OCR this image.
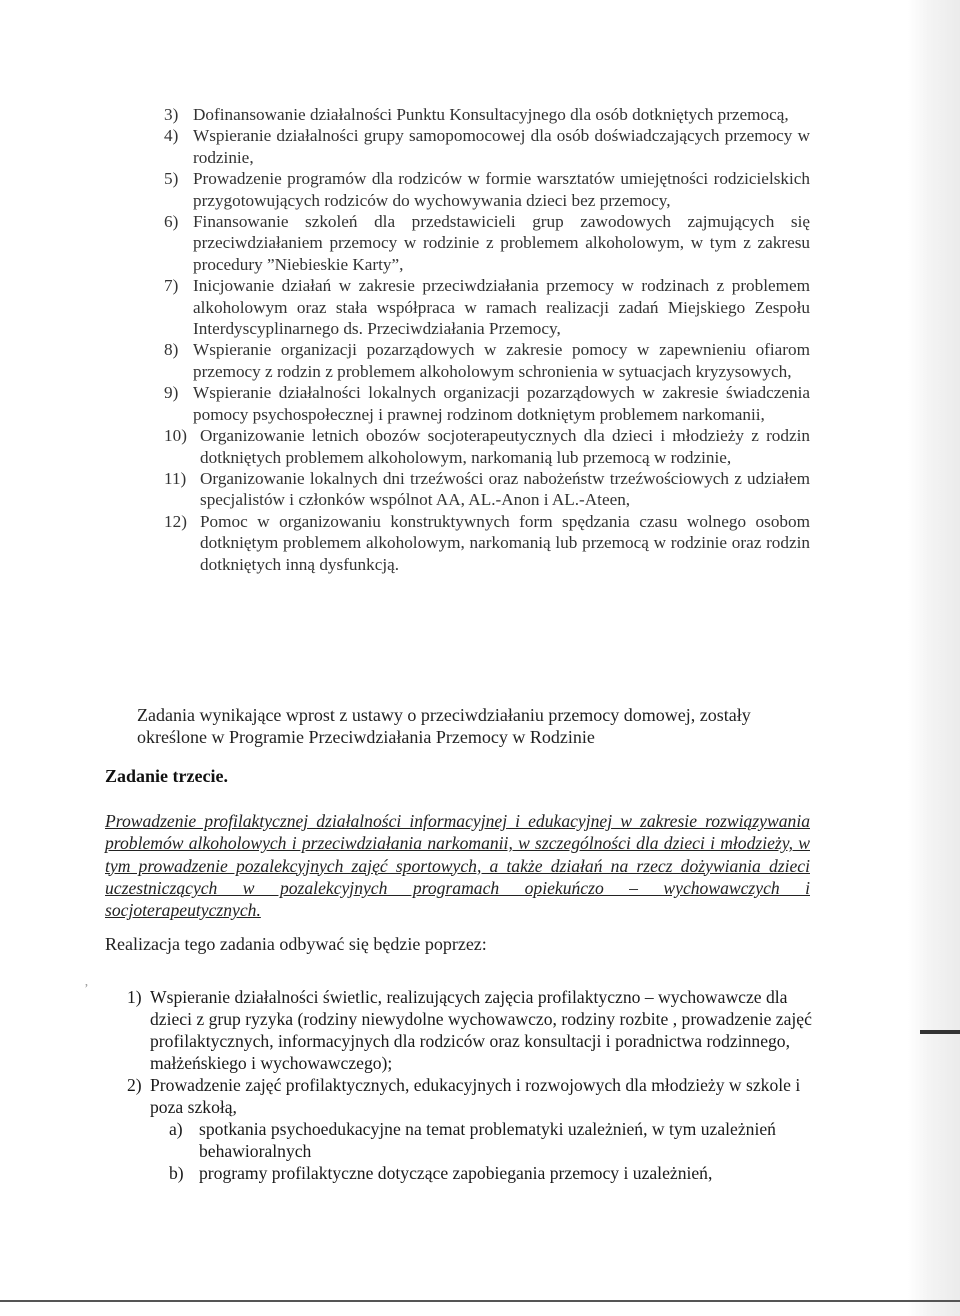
’
3) Dofinansowanie działalności Punktu Konsultacyjnego dla osób dotkniętych przemocą,
4) Wspieranie działalności grupy samopomocowej dla osób doświadczających przemocy w rodzinie,
5) Prowadzenie programów dla rodziców w formie warsztatów umiejętności rodzicielskich przygotowujących rodziców do wychowywania dzieci bez przemocy,
6) Finansowanie szkoleń dla przedstawicieli grup zawodowych zajmujących się przeciwdziałaniem przemocy w rodzinie z problemem alkoholowym, w tym z zakresu procedury ”Niebieskie Karty”,
7) Inicjowanie działań w zakresie przeciwdziałania przemocy w rodzinach z problemem alkoholowym oraz stała współpraca w ramach realizacji zadań Miejskiego Zespołu Interdyscyplinarnego ds. Przeciwdziałania Przemocy,
8) Wspieranie organizacji pozarządowych w zakresie pomocy w zapewnieniu ofiarom przemocy z rodzin z problemem alkoholowym schronienia w sytuacjach kryzysowych,
9) Wspieranie działalności lokalnych organizacji pozarządowych w zakresie świadczenia pomocy psychospołecznej i prawnej rodzinom dotkniętym problemem narkomanii,
10) Organizowanie letnich obozów socjoterapeutycznych dla dzieci i młodzieży z rodzin dotkniętych problemem alkoholowym, narkomanią lub przemocą w rodzinie,
11) Organizowanie lokalnych dni trzeźwości oraz nabożeństw trzeźwościowych z udziałem specjalistów i członków wspólnot AA, AL.-Anon i AL.-Ateen,
12) Pomoc w organizowaniu konstruktywnych form spędzania czasu wolnego osobom dotkniętym problemem alkoholowym, narkomanią lub przemocą w rodzinie oraz rodzin dotkniętych inną dysfunkcją.
Zadania wynikające wprost z ustawy o przeciwdziałaniu przemocy domowej, zostały określone w Programie Przeciwdziałania Przemocy w Rodzinie
Zadanie trzecie.
Prowadzenie profilaktycznej działalności informacyjnej i edukacyjnej w zakresie rozwiązywania problemów alkoholowych i przeciwdziałania narkomanii, w szczególności dla dzieci i młodzieży, w tym prowadzenie pozalekcyjnych zajęć sportowych, a także działań na rzecz dożywiania dzieci uczestniczących w pozalekcyjnych programach opiekuńczo – wychowawczych i socjoterapeutycznych.
Realizacja tego zadania odbywać się będzie poprzez:
1) Wspieranie działalności świetlic, realizujących zajęcia profilaktyczno – wychowawcze dla dzieci z grup ryzyka (rodziny niewydolne wychowawczo, rodziny rozbite , prowadzenie zajęć profilaktycznych, informacyjnych dla rodziców oraz konsultacji i poradnictwa rodzinnego, małżeńskiego i wychowawczego);
2) Prowadzenie zajęć profilaktycznych, edukacyjnych i rozwojowych dla młodzieży w szkole i poza szkołą,
a) spotkania psychoedukacyjne na temat problematyki uzależnień, w tym uzależnień behawioralnych
b) programy profilaktyczne dotyczące zapobiegania przemocy i uzależnień,
